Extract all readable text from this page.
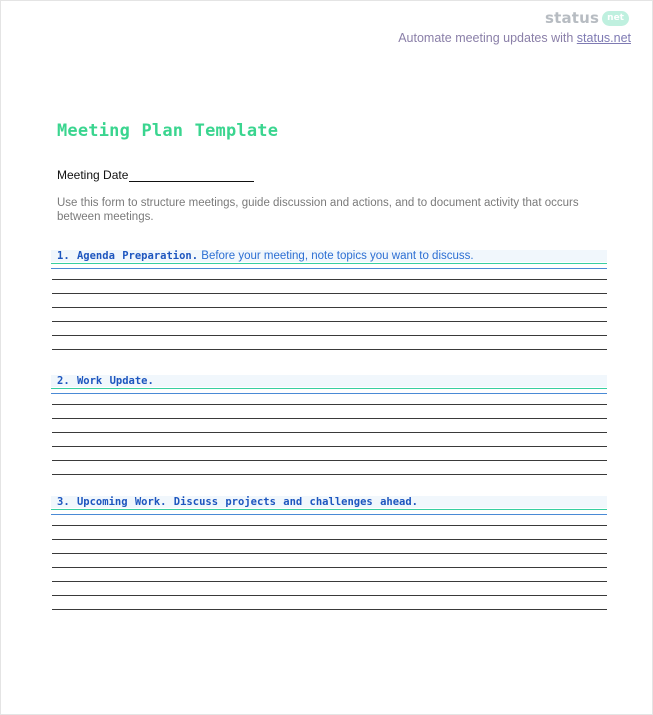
status net
Automate meeting updates with status.net
Meeting Plan Template
Meeting Date
Use this form to structure meetings, guide discussion and actions, and to document activity that occurs between meetings.
1. Agenda Preparation. Before your meeting, note topics you want to discuss.
2. Work Update.
3. Upcoming Work. Discuss projects and challenges ahead.
